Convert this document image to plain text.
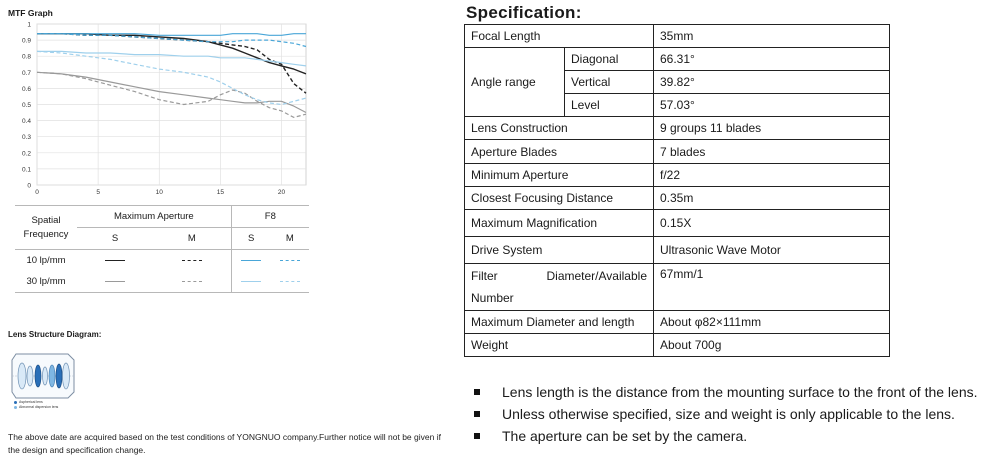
MTF Graph
1
0.9
0.8
0.7
0.6
0.5
0.4
0.3
0.2
0.1
0
0	5	10	15	20
Spatial
Frequency	Maximum Aperture		F8	
	S	M	S	M
10 lp/mm				
30 lp/mm				
Lens Structure Diagram:
Aspherical lens
Abnormal dispersion lens
The above date are acquired based on the test conditions of YONGNUO company.Further notice will not be given if the design and specification change.
Specification:
Focal Length		35mm
Angle range	Diagonal	66.31°
	Vertical	39.82°
	Level	57.03°
Lens Construction		9 groups 11 blades
Aperture Blades		7 blades
Minimum Aperture		f/22
Closest Focusing Distance		0.35m
Maximum Magnification		0.15X
Drive System		Ultrasonic Wave Motor

Filter Diameter/Available
Number		67mm/1
Maximum Diameter and length		About φ82×111mm
Weight		About 700g
Lens length is the distance from the mounting surface to the front of the lens.
Unless otherwise specified, size and weight is only applicable to the lens.
The aperture can be set by the camera.
